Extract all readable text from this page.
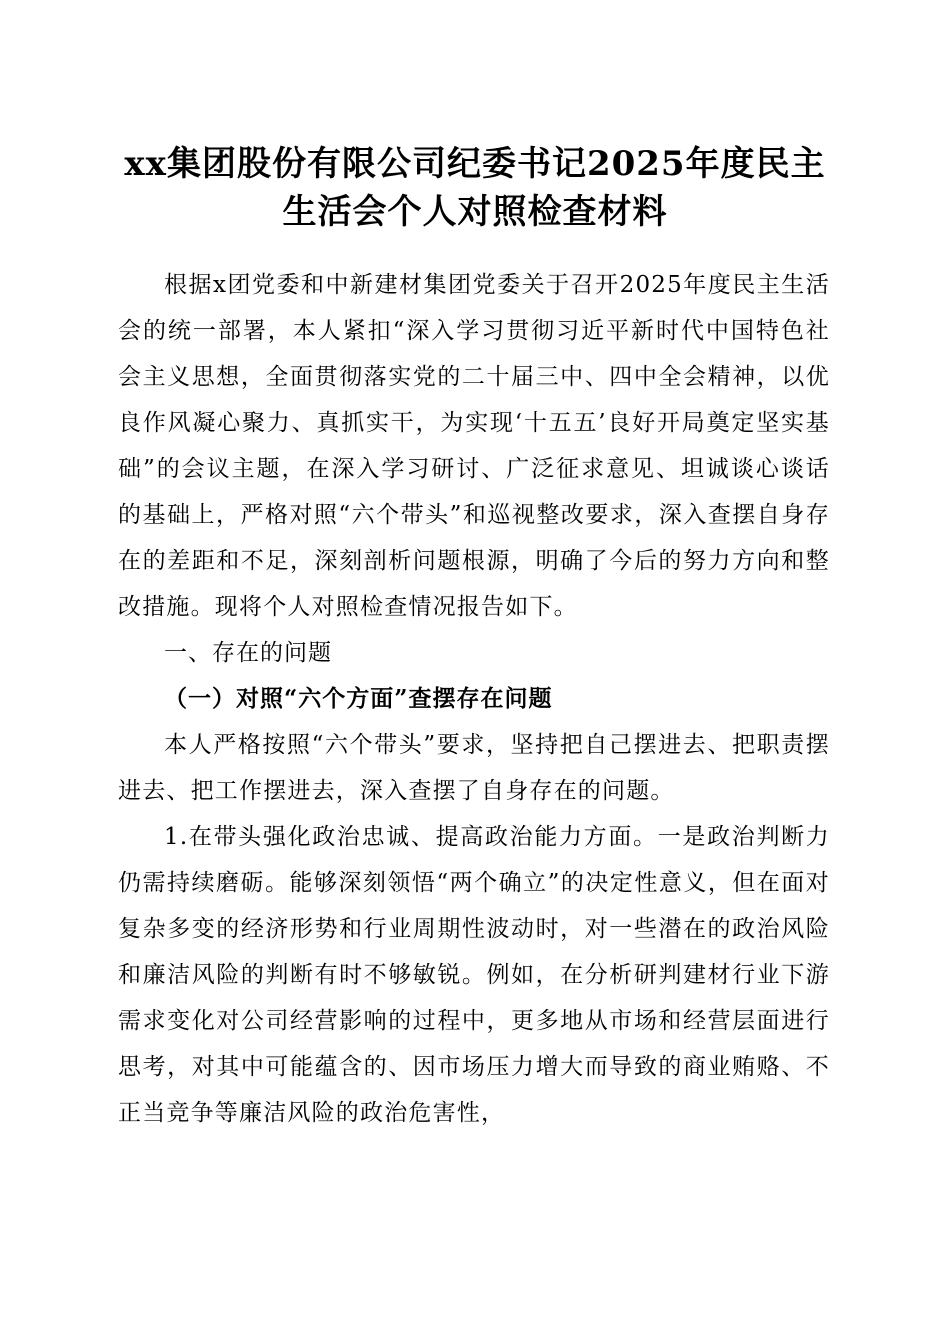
xx集团股份有限公司纪委书记2025年度民主
生活会个人对照检查材料

根据x团党委和中新建材集团党委关于召开2025年度民主生活会的统一部署，本人紧扣“深入学习贯彻习近平新时代中国特色社会主义思想，全面贯彻落实党的二十届三中、四中全会精神，以优良作风凝心聚力、真抓实干，为实现‘十五五’良好开局奠定坚实基础”的会议主题，在深入学习研讨、广泛征求意见、坦诚谈心谈话的基础上，严格对照“六个带头”和巡视整改要求，深入查摆自身存在的差距和不足，深刻剖析问题根源，明确了今后的努力方向和整改措施。现将个人对照检查情况报告如下。

一、存在的问题

（一）对照“六个方面”查摆存在问题

本人严格按照“六个带头”要求，坚持把自己摆进去、把职责摆进去、把工作摆进去，深入查摆了自身存在的问题。

1.在带头强化政治忠诚、提高政治能力方面。一是政治判断力仍需持续磨砺。能够深刻领悟“两个确立”的决定性意义，但在面对复杂多变的经济形势和行业周期性波动时，对一些潜在的政治风险和廉洁风险的判断有时不够敏锐。例如，在分析研判建材行业下游需求变化对公司经营影响的过程中，更多地从市场和经营层面进行思考，对其中可能蕴含的、因市场压力增大而导致的商业贿赂、不正当竞争等廉洁风险的政治危害性，
